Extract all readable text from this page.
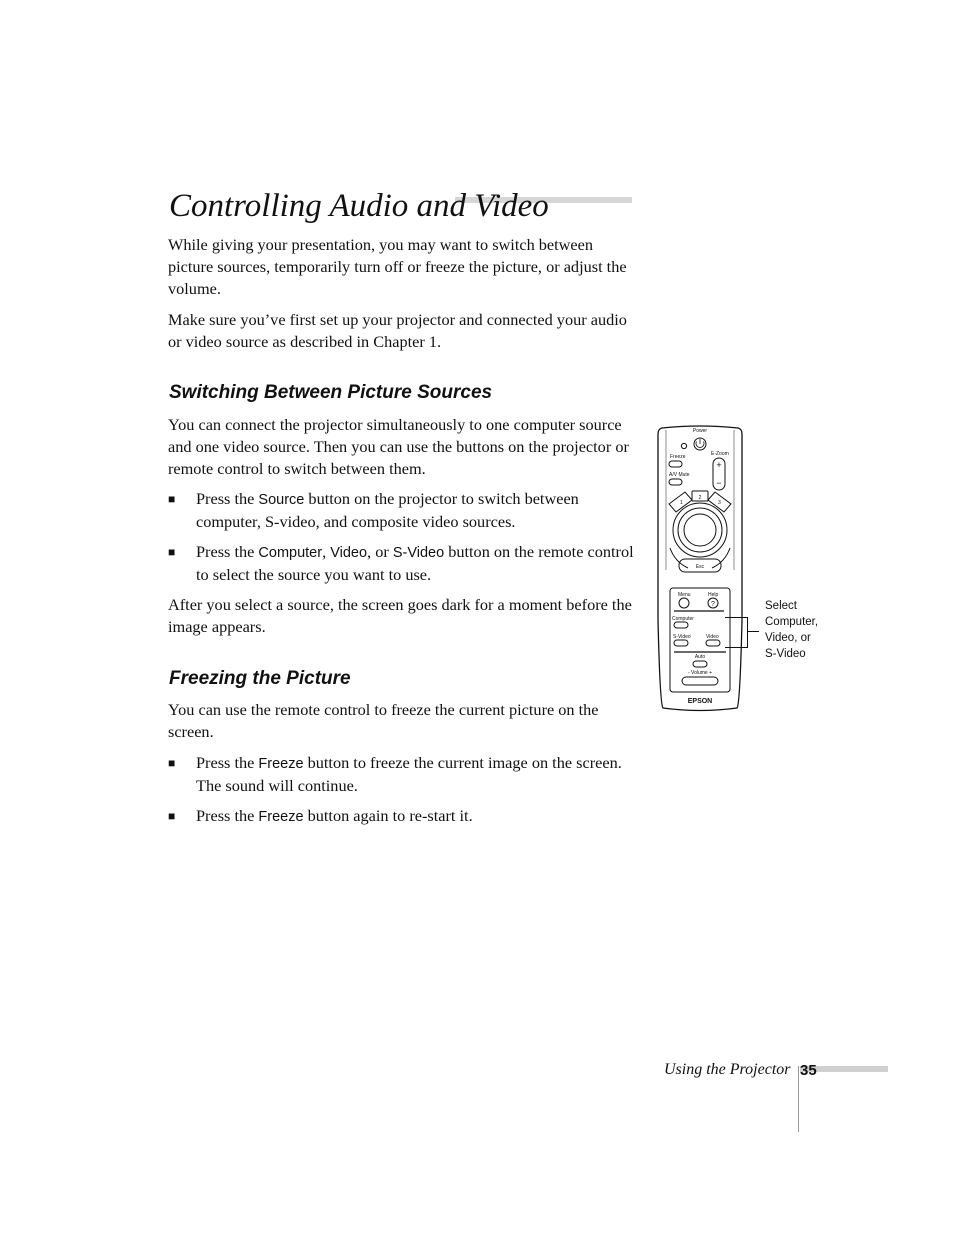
Controlling Audio and Video

While giving your presentation, you may want to switch between picture sources, temporarily turn off or freeze the picture, or adjust the volume.

Make sure you’ve first set up your projector and connected your audio or video source as described in Chapter 1.

Switching Between Picture Sources

You can connect the projector simultaneously to one computer source and one video source. Then you can use the buttons on the projector or remote control to switch between them.

■ Press the Source button on the projector to switch between computer, S-video, and composite video sources.
■ Press the Computer, Video, or S-Video button on the remote control to select the source you want to use.

After you select a source, the screen goes dark for a moment before the image appears.

Freezing the Picture

You can use the remote control to freeze the current picture on the screen.

■ Press the Freeze button to freeze the current image on the screen. The sound will continue.
■ Press the Freeze button again to re-start it.
Power
Freeze	E-Zoom
+
−
A/V Mute
1
2
3
Esc
Menu	Help
?
Computer
S-Video	Video
Auto
- Volume +
EPSON
Select
Computer,
Video, or
S-Video
Using the Projector 35
